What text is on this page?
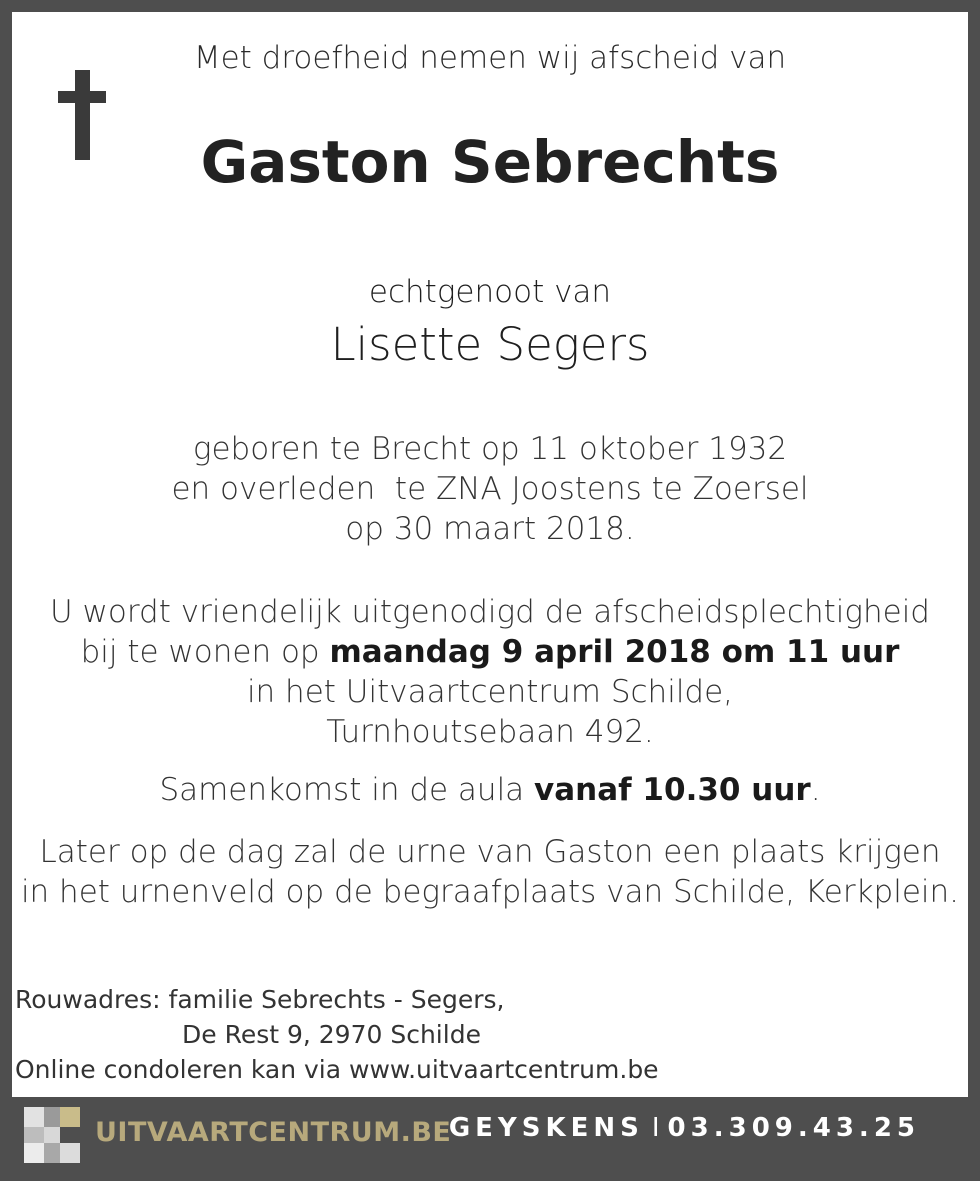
Met droefheid nemen wij afscheid van
Gaston Sebrechts
echtgenoot van
Lisette Segers
geboren te Brecht op 11 oktober 1932
en overleden  te ZNA Joostens te Zoersel
op 30 maart 2018.
U wordt vriendelijk uitgenodigd de afscheidsplechtigheid
bij te wonen op maandag 9 april 2018 om 11 uur
in het Uitvaartcentrum Schilde,
Turnhoutsebaan 492.
Samenkomst in de aula vanaf 10.30 uur.
Later op de dag zal de urne van Gaston een plaats krijgen
in het urnenveld op de begraafplaats van Schilde, Kerkplein.
Rouwadres: familie Sebrechts - Segers,
De Rest 9, 2970 Schilde
Online condoleren kan via www.uitvaartcentrum.be
UITVAARTCENTRUM.BE
GEYSKENS I 03.309.43.25
